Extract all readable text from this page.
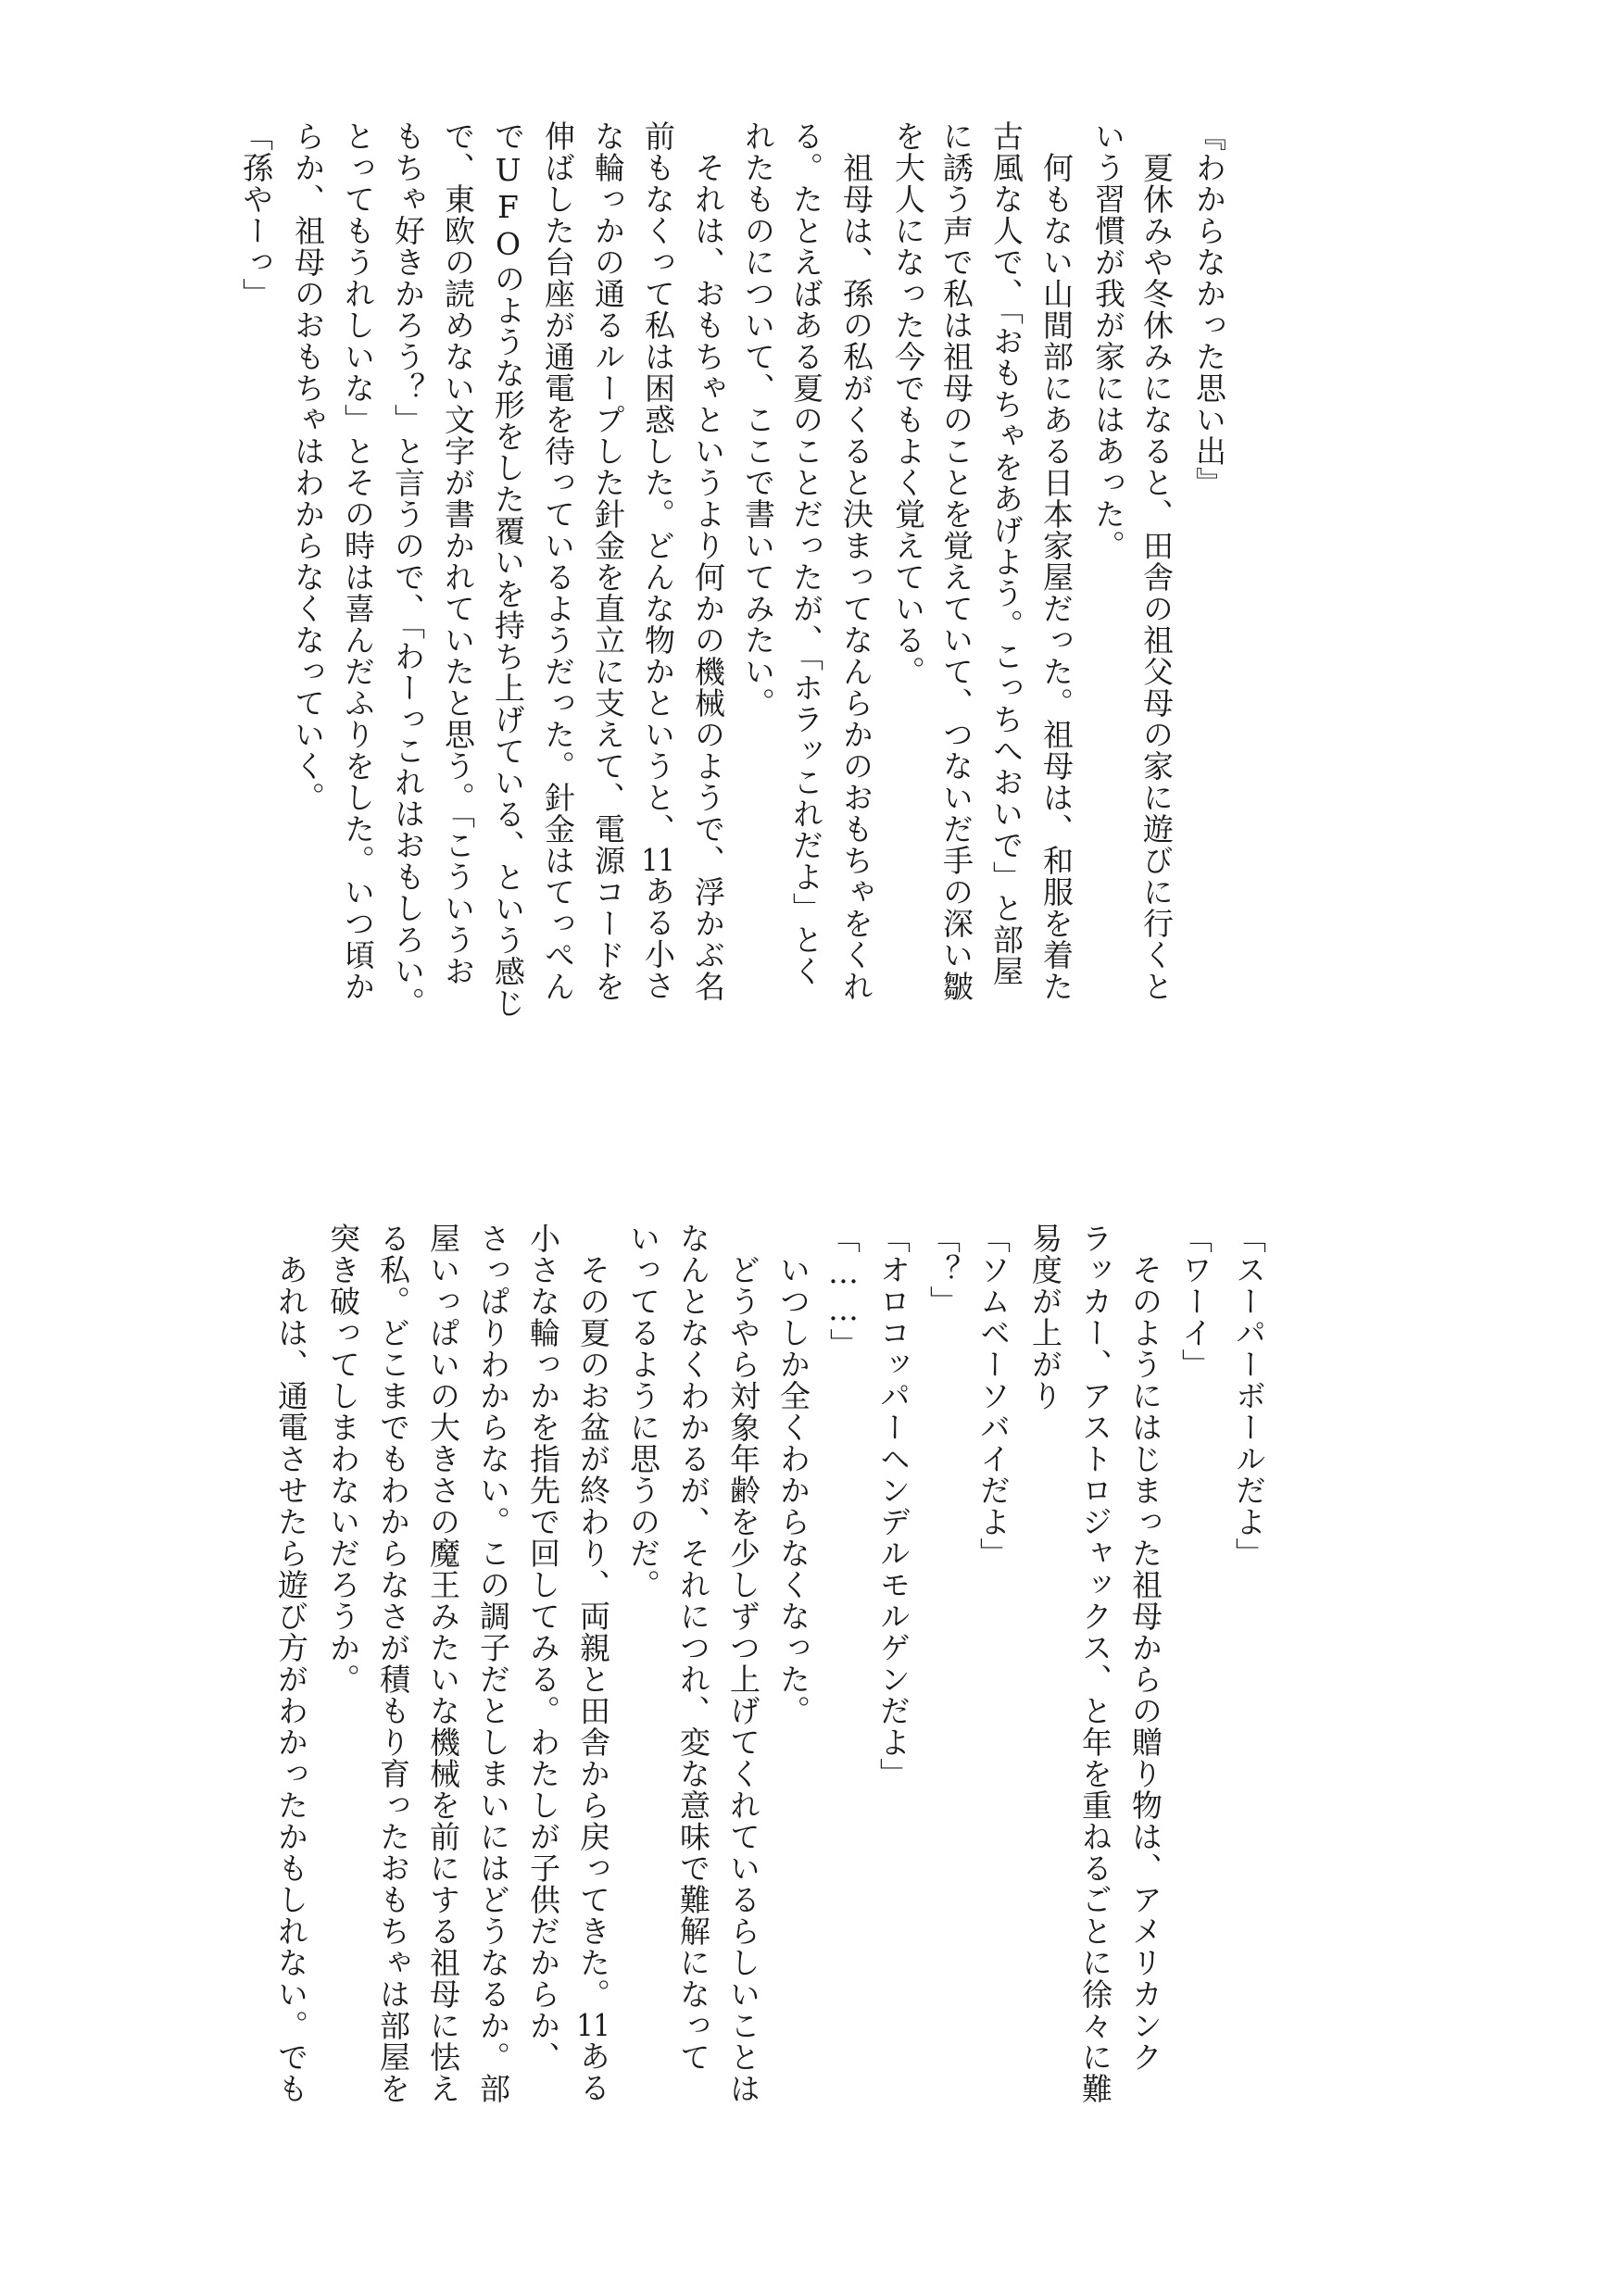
『わからなかった思い出』
　夏休みや冬休みになると、田舎の祖父母の家に遊びに行くと
いう習慣が我が家にはあった。
　何もない山間部にある日本家屋だった。祖母は、和服を着た
古風な人で、「おもちゃをあげよう。こっちへおいで」と部屋
に誘う声で私は祖母のことを覚えていて、つないだ手の深い皺
を大人になった今でもよく覚えている。
　祖母は、孫の私がくると決まってなんらかのおもちゃをくれ
る。たとえばある夏のことだったが、「ホラッこれだよ」とく
れたものについて、ここで書いてみたい。
　それは、おもちゃというより何かの機械のようで、浮かぶ名
前もなくって私は困惑した。どんな物かというと、11ある小さ
な輪っかの通るループした針金を直立に支えて、電源コードを
伸ばした台座が通電を待っているようだった。針金はてっぺん
でUFOのような形をした覆いを持ち上げている、という感じ
で、東欧の読めない文字が書かれていたと思う。「こういうお
もちゃ好きかろう？」と言うので、「わーっこれはおもしろい。
とってもうれしいな」とその時は喜んだふりをした。いつ頃か
らか、祖母のおもちゃはわからなくなっていく。
「孫やーっ」
「スーパーボールだよ」
「ワーイ」
　そのようにはじまった祖母からの贈り物は、アメリカンク
ラッカー、アストロジャックス、と年を重ねるごとに徐々に難
易度が上がり
「ソムベーソバイだよ」
「？」
「オロコッパーヘンデルモルゲンだよ」
「……」
　いつしか全くわからなくなった。
　どうやら対象年齢を少しずつ上げてくれているらしいことは
なんとなくわかるが、それにつれ、変な意味で難解になって
いってるように思うのだ。
　その夏のお盆が終わり、両親と田舎から戻ってきた。11ある
小さな輪っかを指先で回してみる。わたしが子供だからか、
さっぱりわからない。この調子だとしまいにはどうなるか。部
屋いっぱいの大きさの魔王みたいな機械を前にする祖母に怯え
る私。どこまでもわからなさが積もり育ったおもちゃは部屋を
突き破ってしまわないだろうか。
　あれは、通電させたら遊び方がわかったかもしれない。でも
